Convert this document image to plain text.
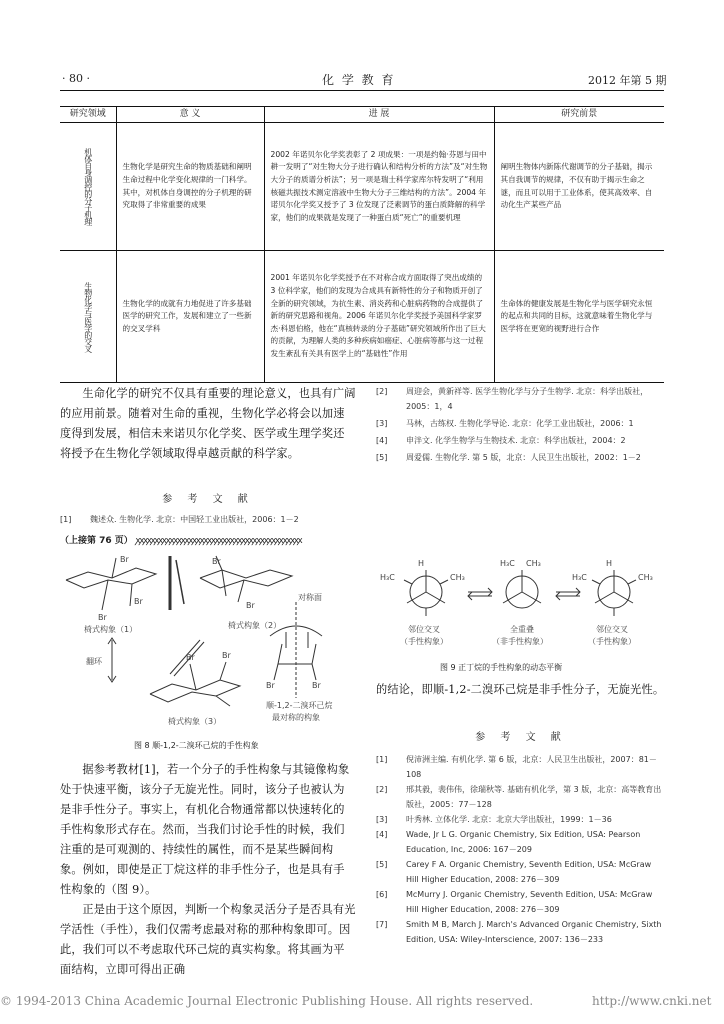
· 80 ·	化 学 教 育	2012 年第 5 期
研究领域	意 义	进 展	研究前景
机体自身调控的分子机理	生物化学是研究生命的物质基础和阐明生命过程中化学变化规律的一门科学。其中，对机体自身调控的分子机理的研究取得了非常重要的成果	2002 年诺贝尔化学奖表彰了 2 项成果：一项是约翰·芬恩与田中耕一发明了“对生物大分子进行确认和结构分析的方法”及“对生物大分子的质谱分析法”；另一项是瑞士科学家库尔特发明了“利用核磁共振技术测定溶液中生物大分子三维结构的方法”。2004 年诺贝尔化学奖又授予了 3 位发现了泛素调节的蛋白质降解的科学家，他们的成果就是发现了一种蛋白质“死亡”的重要机理	阐明生物体内新陈代谢调节的分子基础，揭示其自我调节的规律，不仅有助于揭示生命之谜，而且可以用于工业体系，使其高效率、自动化生产某些产品
生物化学与医学的交叉	生物化学的成就有力地促进了许多基础医学的研究工作，发展和建立了一些新的交叉学科	2001 年诺贝尔化学奖授予在不对称合成方面取得了突出成绩的 3 位科学家，他们的发现为合成具有新特性的分子和物质开创了全新的研究领域，为抗生素、消炎药和心脏病药物的合成提供了新的研究思路和视角。2006 年诺贝尔化学奖授予美国科学家罗杰·科恩伯格，他在“真核转录的分子基础”研究领域所作出了巨大的贡献，为理解人类的多种疾病如癌症、心脏病等都与这一过程发生紊乱有关具有医学上的“基础性”作用	生命体的健康发展是生物化学与医学研究永恒的起点和共同的目标，这就意味着生物化学与医学将在更宽的视野进行合作

生命化学的研究不仅具有重要的理论意义，也具有广阔的应用前景。随着对生命的重视，生物化学必将会以加速度得到发展，相信未来诺贝尔化学奖、医学或生理学奖还将授予在生物化学领域取得卓越贡献的科学家。

参 考 文 献
[1]	魏述众. 生物化学. 北京：中国轻工业出版社，2006：1－2
[2]	周迎会，黄新祥等. 医学生物化学与分子生物学. 北京：科学出版社，2005：1，4
[3]	马林，古练权. 生物化学导论. 北京：化学工业出版社，2006：1
[4]	申泮文. 化学生物学与生物技术. 北京：科学出版社，2004：2
[5]	周爱儒. 生物化学. 第 5 版，北京：人民卫生出版社，2002：1－2
（上接第 76 页） ꭗꭗꭗꭗꭗꭗꭗꭗꭗꭗꭗꭗꭗꭗꭗꭗꭗꭗꭗꭗꭗꭗꭗꭗꭗꭗꭗꭗꭗꭗꭗꭗꭗꭗꭗꭗꭗꭗꭗꭗꭗꭗꭗꭗ
Br
Br
Br	Br
Br
Br	Br
Br	Br
椅式构象（1）	椅式构象（2）
翻环
对称面
顺-1,2-二溴环己烷
最对称的构象
椅式构象（3）
图 8 顺-1,2-二溴环己烷的手性构象
H
H₃C	CH₃
H₃C CH₃	H
H₃C	CH₃
邻位交叉
（手性构象）
全重叠
（非手性构象）
邻位交叉
（手性构象）
图 9 正丁烷的手性构象的动态平衡

据参考教材[1]，若一个分子的手性构象与其镜像构象处于快速平衡，该分子无旋光性。同时，该分子也被认为是非手性分子。事实上，有机化合物通常都以快速转化的手性构象形式存在。然而，当我们讨论手性的时候，我们注重的是可观测的、持续性的属性，而不是某些瞬间构象。例如，即使是正丁烷这样的非手性分子，也是具有手性构象的（图 9）。

正是由于这个原因，判断一个构象灵活分子是否具有光学活性（手性），我们仅需考虑最对称的那种构象即可。因此，我们可以不考虑取代环己烷的真实构象。将其画为平面结构，立即可得出正确

的结论，即顺-1,2-二溴环己烷是非手性分子，无旋光性。

参 考 文 献
[1]	倪沛洲主编. 有机化学. 第 6 版，北京：人民卫生出版社，2007：81－108
[2]	邢其毅，裴伟伟，徐瑞秋等. 基础有机化学，第 3 版，北京：高等教育出版社，2005：77－128
[3]	叶秀林. 立体化学. 北京：北京大学出版社，1999：1－36
[4]	Wade, Jr L G. Organic Chemistry, Six Edition, USA: Pearson Education, Inc, 2006: 167－209
[5]	Carey F A. Organic Chemistry, Seventh Edition, USA: McGraw Hill Higher Education, 2008: 276－309
[6]	McMurry J. Organic Chemistry, Seventh Edition, USA: McGraw Hill Higher Education, 2008: 276－309
[7]	Smith M B, March J. March's Advanced Organic Chemistry, Sixth Edition, USA: Wiley-Interscience, 2007: 136－233
© 1994-2013 China Academic Journal Electronic Publishing House. All rights reserved.	http://www.cnki.net
